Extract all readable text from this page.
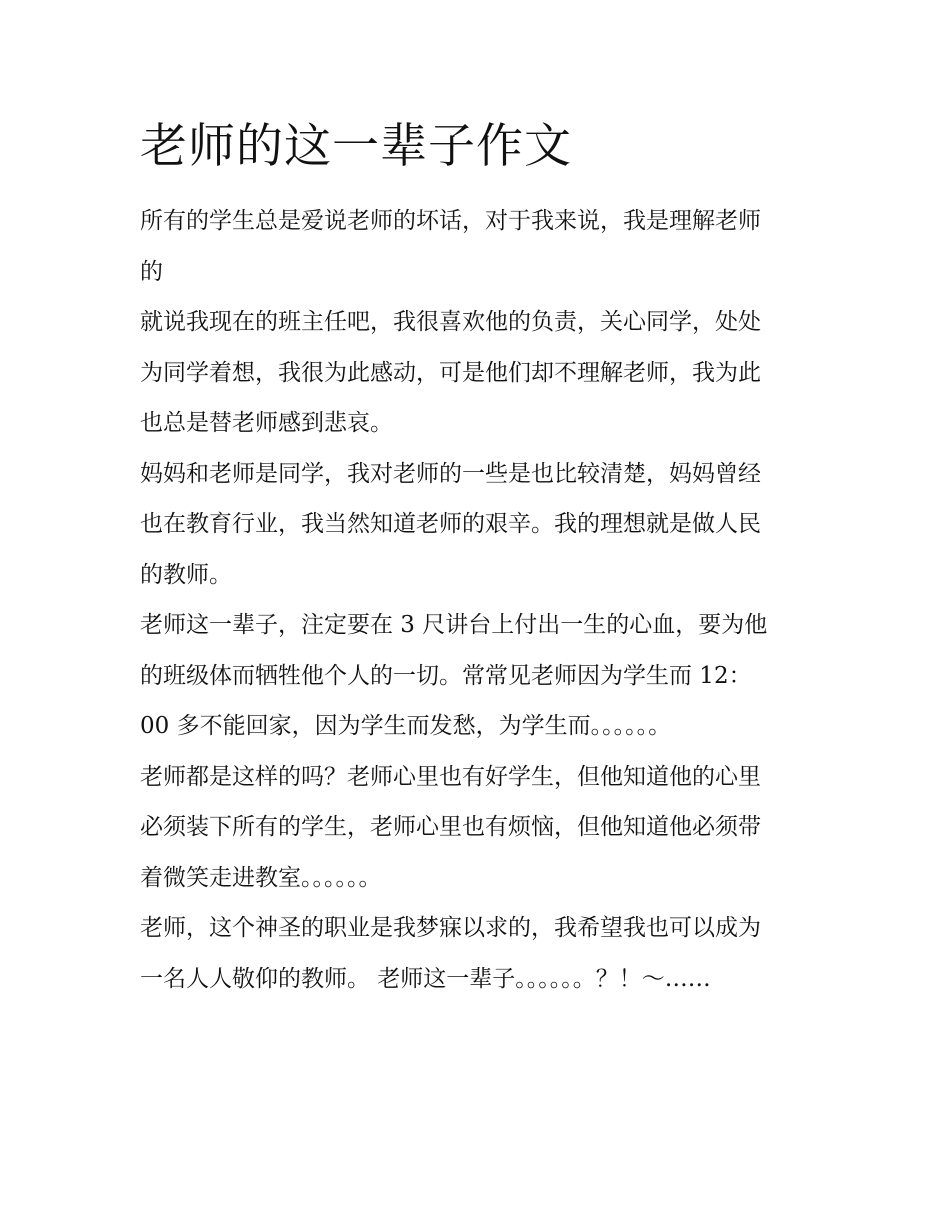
老师的这一辈子作文

所有的学生总是爱说老师的坏话，对于我来说，我是理解老师
的

就说我现在的班主任吧，我很喜欢他的负责，关心同学，处处
为同学着想，我很为此感动，可是他们却不理解老师，我为此
也总是替老师感到悲哀。

妈妈和老师是同学，我对老师的一些是也比较清楚，妈妈曾经
也在教育行业，我当然知道老师的艰辛。我的理想就是做人民
的教师。

老师这一辈子，注定要在 3 尺讲台上付出一生的心血，要为他
的班级体而牺牲他个人的一切。常常见老师因为学生而 12：
00 多不能回家，因为学生而发愁，为学生而。。。。。。

老师都是这样的吗？老师心里也有好学生，但他知道他的心里
必须装下所有的学生，老师心里也有烦恼，但他知道他必须带
着微笑走进教室。。。。。。

老师，这个神圣的职业是我梦寐以求的，我希望我也可以成为
一名人人敬仰的教师。 老师这一辈子。。。。。。？！～……
